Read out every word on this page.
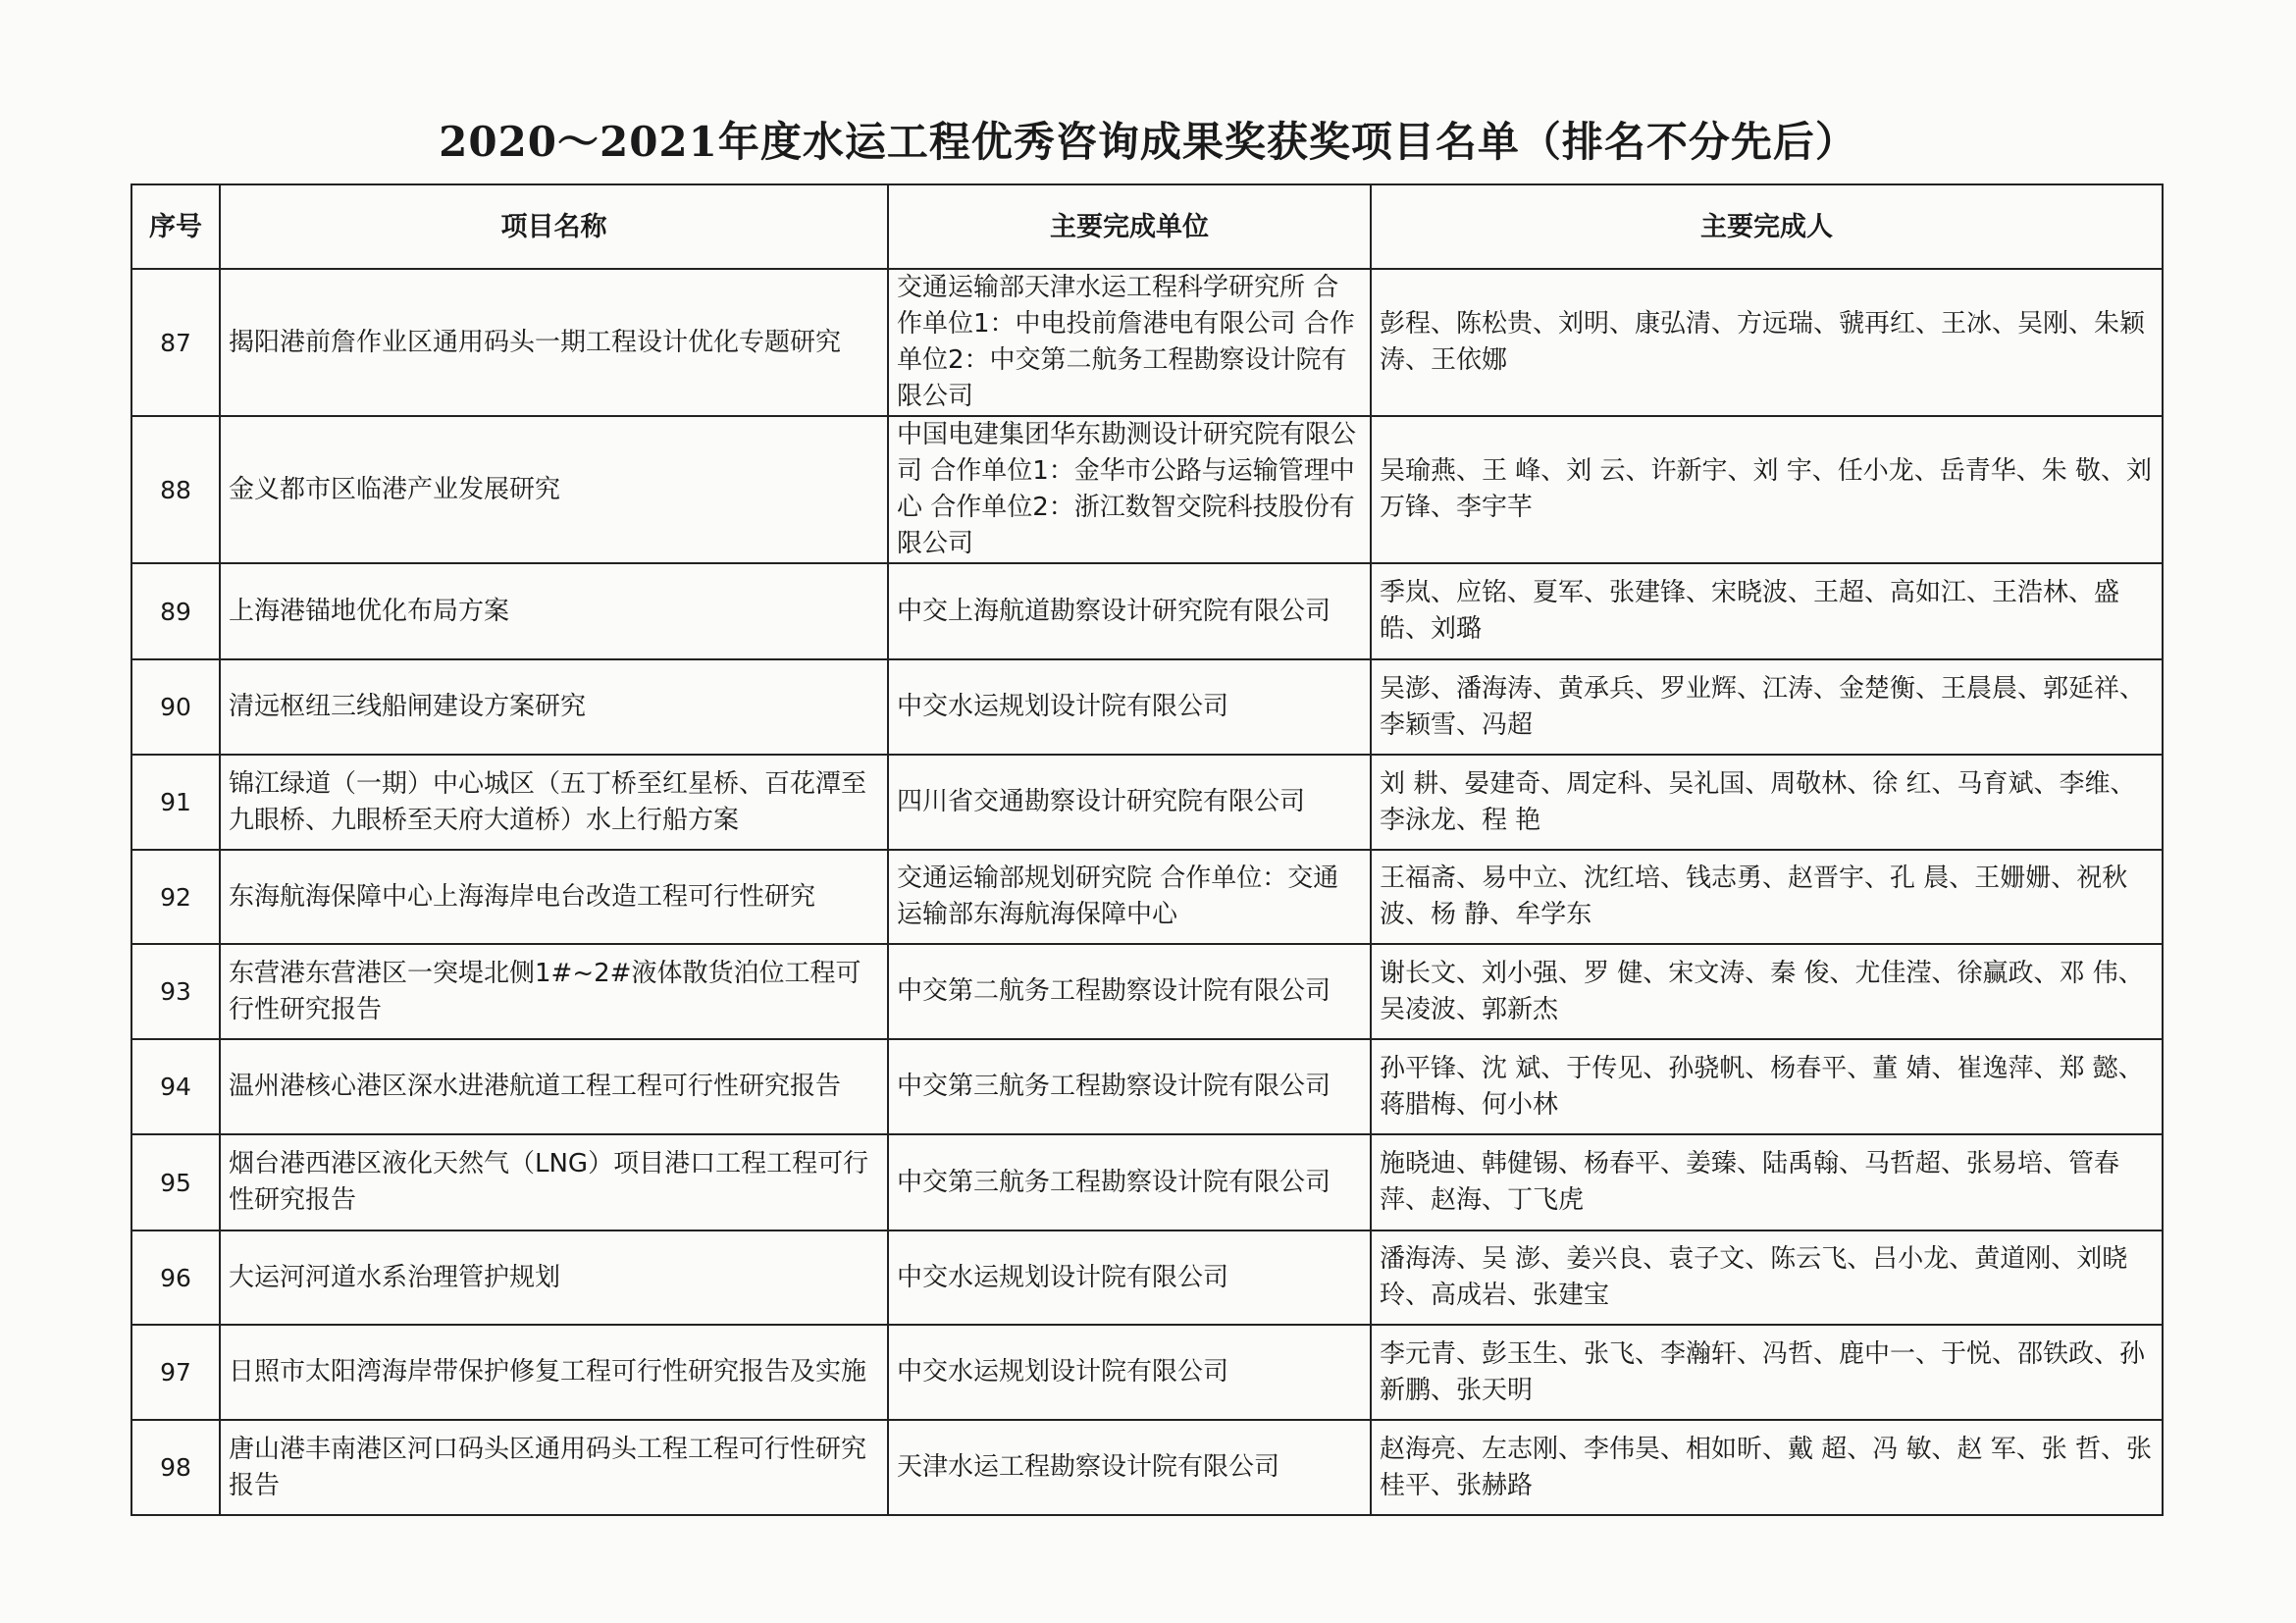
2020～2021年度水运工程优秀咨询成果奖获奖项目名单（排名不分先后）
序号	项目名称	主要完成单位	主要完成人
87	揭阳港前詹作业区通用码头一期工程设计优化专题研究	交通运输部天津水运工程科学研究所 合作单位1：中电投前詹港电有限公司 合作单位2：中交第二航务工程勘察设计院有限公司	彭程、陈松贵、刘明、康弘清、方远瑞、虢再红、王冰、吴刚、朱颖涛、王依娜
88	金义都市区临港产业发展研究	中国电建集团华东勘测设计研究院有限公司 合作单位1：金华市公路与运输管理中心 合作单位2：浙江数智交院科技股份有限公司	吴瑜燕、王 峰、刘 云、许新宇、刘 宇、任小龙、岳青华、朱 敬、刘万锋、李宇芊
89	上海港锚地优化布局方案	中交上海航道勘察设计研究院有限公司	季岚、应铭、夏军、张建锋、宋晓波、王超、高如江、王浩林、盛皓、刘璐
90	清远枢纽三线船闸建设方案研究	中交水运规划设计院有限公司	吴澎、潘海涛、黄承兵、罗业辉、江涛、金楚衡、王晨晨、郭延祥、李颖雪、冯超
91	锦江绿道（一期）中心城区（五丁桥至红星桥、百花潭至九眼桥、九眼桥至天府大道桥）水上行船方案	四川省交通勘察设计研究院有限公司	刘 耕、晏建奇、周定科、吴礼国、周敬林、徐 红、马育斌、李维、李泳龙、程 艳
92	东海航海保障中心上海海岸电台改造工程可行性研究	交通运输部规划研究院 合作单位：交通运输部东海航海保障中心	王福斋、易中立、沈红培、钱志勇、赵晋宇、孔 晨、王姗姗、祝秋波、杨 静、牟学东
93	东营港东营港区一突堤北侧1#~2#液体散货泊位工程可行性研究报告	中交第二航务工程勘察设计院有限公司	谢长文、刘小强、罗 健、宋文涛、秦 俊、尤佳滢、徐赢政、邓 伟、吴凌波、郭新杰
94	温州港核心港区深水进港航道工程工程可行性研究报告	中交第三航务工程勘察设计院有限公司	孙平锋、沈 斌、于传见、孙骁帆、杨春平、董 婧、崔逸萍、郑 懿、蒋腊梅、何小林
95	烟台港西港区液化天然气（LNG）项目港口工程工程可行性研究报告	中交第三航务工程勘察设计院有限公司	施晓迪、韩健锡、杨春平、姜臻、陆禹翰、马哲超、张易培、管春萍、赵海、丁飞虎
96	大运河河道水系治理管护规划	中交水运规划设计院有限公司	潘海涛、吴 澎、姜兴良、袁子文、陈云飞、吕小龙、黄道刚、刘晓玲、高成岩、张建宝
97	日照市太阳湾海岸带保护修复工程可行性研究报告及实施	中交水运规划设计院有限公司	李元青、彭玉生、张飞、李瀚轩、冯哲、鹿中一、于悦、邵铁政、孙新鹏、张天明
98	唐山港丰南港区河口码头区通用码头工程工程可行性研究报告	天津水运工程勘察设计院有限公司	赵海亮、左志刚、李伟昊、相如昕、戴 超、冯 敏、赵 军、张 哲、张桂平、张赫路
